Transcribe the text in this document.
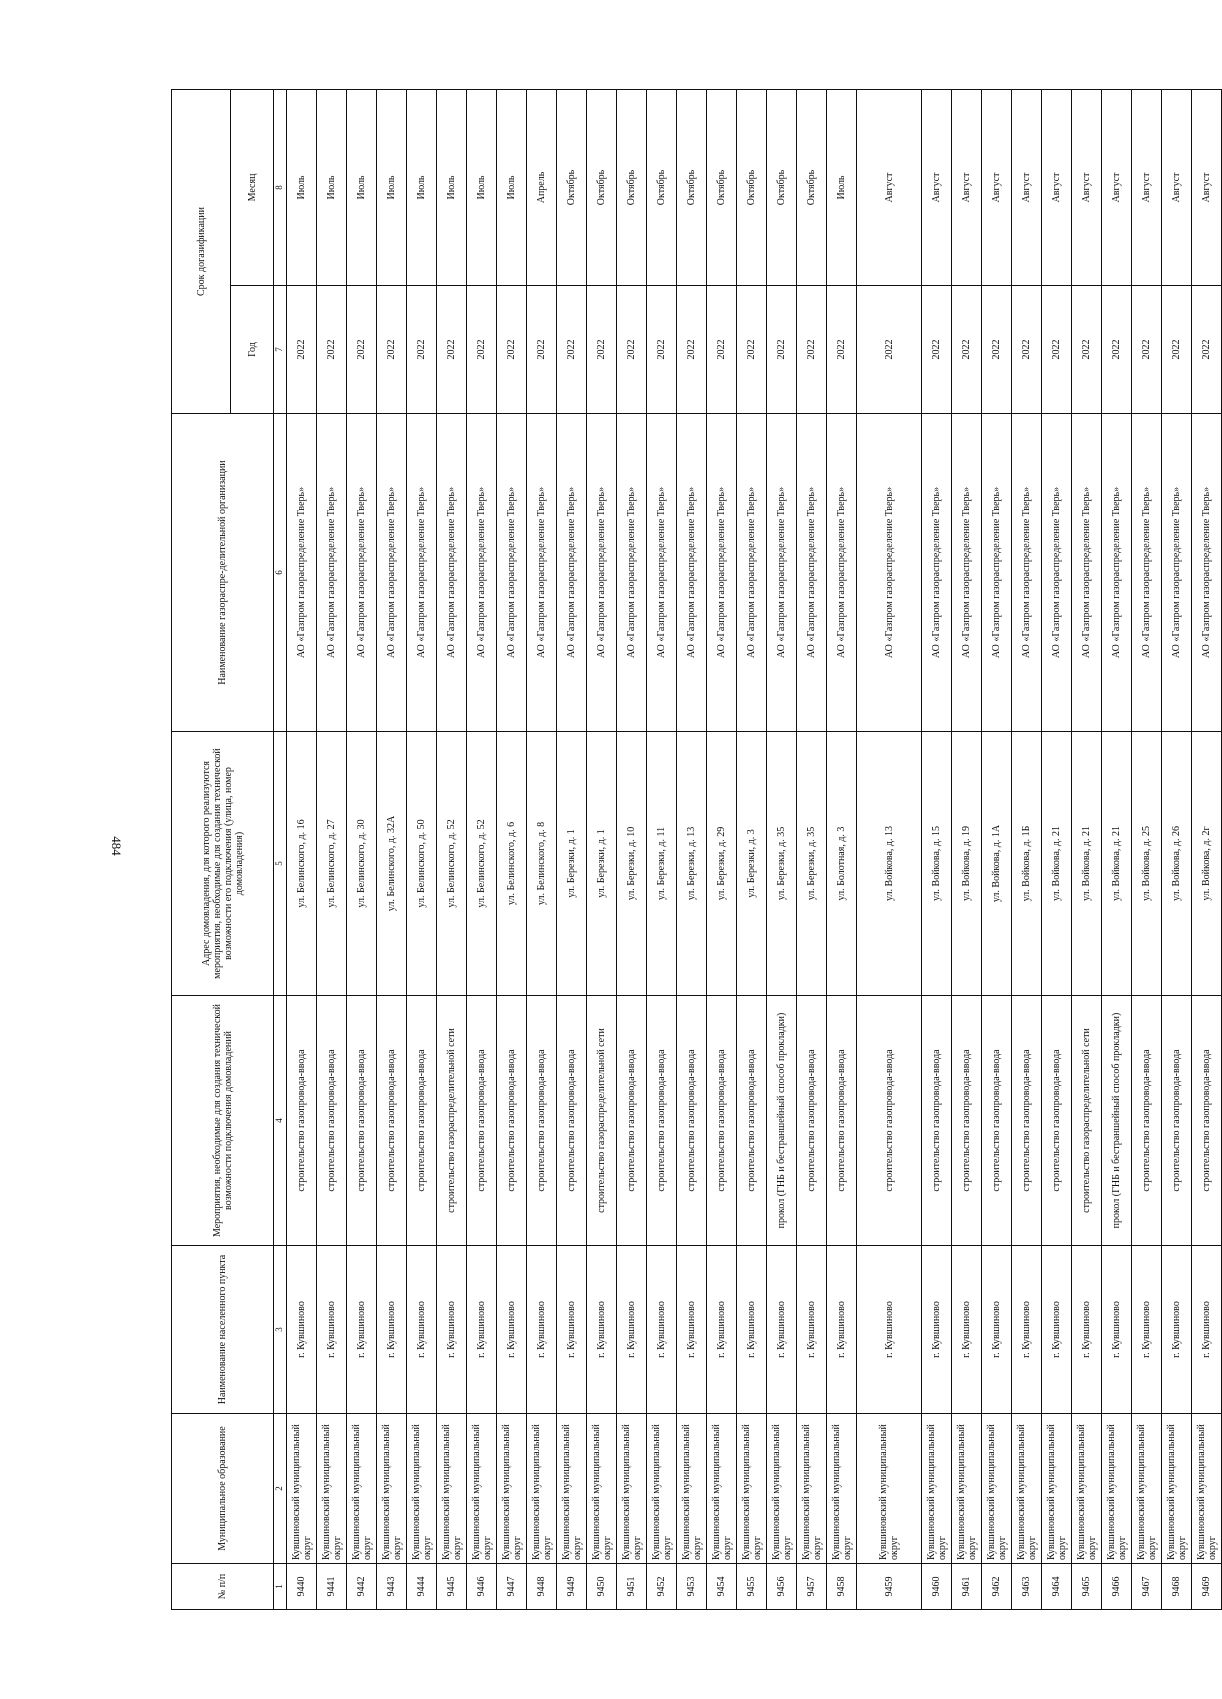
484
№ п/п	Муниципальное образование	Наименование населенного пункта	Мероприятия, необходимые для создания технической возможности подключения домовладений	Адрес домовладения, для которого реализуются мероприятия, необходимые для создания технической возможности его подключения (улица, номер домовладения)	Наименование газораспре-делительной организации	Срок догазификации	
						Год	Месяц
1	2	3	4	5	6	7	8
9440	Кувшиновский муниципальный округ	г. Кувшиново	строительство газопровода-ввода	ул. Белинского, д. 16	АО «Газпром газораспределение Тверь»	2022	Июль
9441	Кувшиновский муниципальный округ	г. Кувшиново	строительство газопровода-ввода	ул. Белинского, д. 27	АО «Газпром газораспределение Тверь»	2022	Июль
9442	Кувшиновский муниципальный округ	г. Кувшиново	строительство газопровода-ввода	ул. Белинского, д. 30	АО «Газпром газораспределение Тверь»	2022	Июль
9443	Кувшиновский муниципальный округ	г. Кувшиново	строительство газопровода-ввода	ул. Белинского, д. 32А	АО «Газпром газораспределение Тверь»	2022	Июль
9444	Кувшиновский муниципальный округ	г. Кувшиново	строительство газопровода-ввода	ул. Белинского, д. 50	АО «Газпром газораспределение Тверь»	2022	Июль
9445	Кувшиновский муниципальный округ	г. Кувшиново	строительство газораспределительной сети	ул. Белинского, д. 52	АО «Газпром газораспределение Тверь»	2022	Июль
9446	Кувшиновский муниципальный округ	г. Кувшиново	строительство газопровода-ввода	ул. Белинского, д. 52	АО «Газпром газораспределение Тверь»	2022	Июль
9447	Кувшиновский муниципальный округ	г. Кувшиново	строительство газопровода-ввода	ул. Белинского, д. 6	АО «Газпром газораспределение Тверь»	2022	Июль
9448	Кувшиновский муниципальный округ	г. Кувшиново	строительство газопровода-ввода	ул. Белинского, д. 8	АО «Газпром газораспределение Тверь»	2022	Апрель
9449	Кувшиновский муниципальный округ	г. Кувшиново	строительство газопровода-ввода	ул. Березки, д. 1	АО «Газпром газораспределение Тверь»	2022	Октябрь
9450	Кувшиновский муниципальный округ	г. Кувшиново	строительство газораспределительной сети	ул. Березки, д. 1	АО «Газпром газораспределение Тверь»	2022	Октябрь
9451	Кувшиновский муниципальный округ	г. Кувшиново	строительство газопровода-ввода	ул. Березки, д. 10	АО «Газпром газораспределение Тверь»	2022	Октябрь
9452	Кувшиновский муниципальный округ	г. Кувшиново	строительство газопровода-ввода	ул. Березки, д. 11	АО «Газпром газораспределение Тверь»	2022	Октябрь
9453	Кувшиновский муниципальный округ	г. Кувшиново	строительство газопровода-ввода	ул. Березки, д. 13	АО «Газпром газораспределение Тверь»	2022	Октябрь
9454	Кувшиновский муниципальный округ	г. Кувшиново	строительство газопровода-ввода	ул. Березки, д. 29	АО «Газпром газораспределение Тверь»	2022	Октябрь
9455	Кувшиновский муниципальный округ	г. Кувшиново	строительство газопровода-ввода	ул. Березки, д. 3	АО «Газпром газораспределение Тверь»	2022	Октябрь
9456	Кувшиновский муниципальный округ	г. Кувшиново	прокол (ГНБ и бестраншейный способ прокладки)	ул. Березки, д. 35	АО «Газпром газораспределение Тверь»	2022	Октябрь
9457	Кувшиновский муниципальный округ	г. Кувшиново	строительство газопровода-ввода	ул. Березки, д. 35	АО «Газпром газораспределение Тверь»	2022	Октябрь
9458	Кувшиновский муниципальный округ	г. Кувшиново	строительство газопровода-ввода	ул. Болотная, д. 3	АО «Газпром газораспределение Тверь»	2022	Июль
9459	Кувшиновский муниципальный округ	г. Кувшиново	строительство газопровода-ввода	ул. Войкова, д. 13	АО «Газпром газораспределение Тверь»	2022	Август
9460	Кувшиновский муниципальный округ	г. Кувшиново	строительство газопровода-ввода	ул. Войкова, д. 15	АО «Газпром газораспределение Тверь»	2022	Август
9461	Кувшиновский муниципальный округ	г. Кувшиново	строительство газопровода-ввода	ул. Войкова, д. 19	АО «Газпром газораспределение Тверь»	2022	Август
9462	Кувшиновский муниципальный округ	г. Кувшиново	строительство газопровода-ввода	ул. Войкова, д. 1А	АО «Газпром газораспределение Тверь»	2022	Август
9463	Кувшиновский муниципальный округ	г. Кувшиново	строительство газопровода-ввода	ул. Войкова, д. 1Б	АО «Газпром газораспределение Тверь»	2022	Август
9464	Кувшиновский муниципальный округ	г. Кувшиново	строительство газопровода-ввода	ул. Войкова, д. 21	АО «Газпром газораспределение Тверь»	2022	Август
9465	Кувшиновский муниципальный округ	г. Кувшиново	строительство газораспределительной сети	ул. Войкова, д. 21	АО «Газпром газораспределение Тверь»	2022	Август
9466	Кувшиновский муниципальный округ	г. Кувшиново	прокол (ГНБ и бестраншейный способ прокладки)	ул. Войкова, д. 21	АО «Газпром газораспределение Тверь»	2022	Август
9467	Кувшиновский муниципальный округ	г. Кувшиново	строительство газопровода-ввода	ул. Войкова, д. 25	АО «Газпром газораспределение Тверь»	2022	Август
9468	Кувшиновский муниципальный округ	г. Кувшиново	строительство газопровода-ввода	ул. Войкова, д. 26	АО «Газпром газораспределение Тверь»	2022	Август
9469	Кувшиновский муниципальный округ	г. Кувшиново	строительство газопровода-ввода	ул. Войкова, д. 2г	АО «Газпром газораспределение Тверь»	2022	Август
